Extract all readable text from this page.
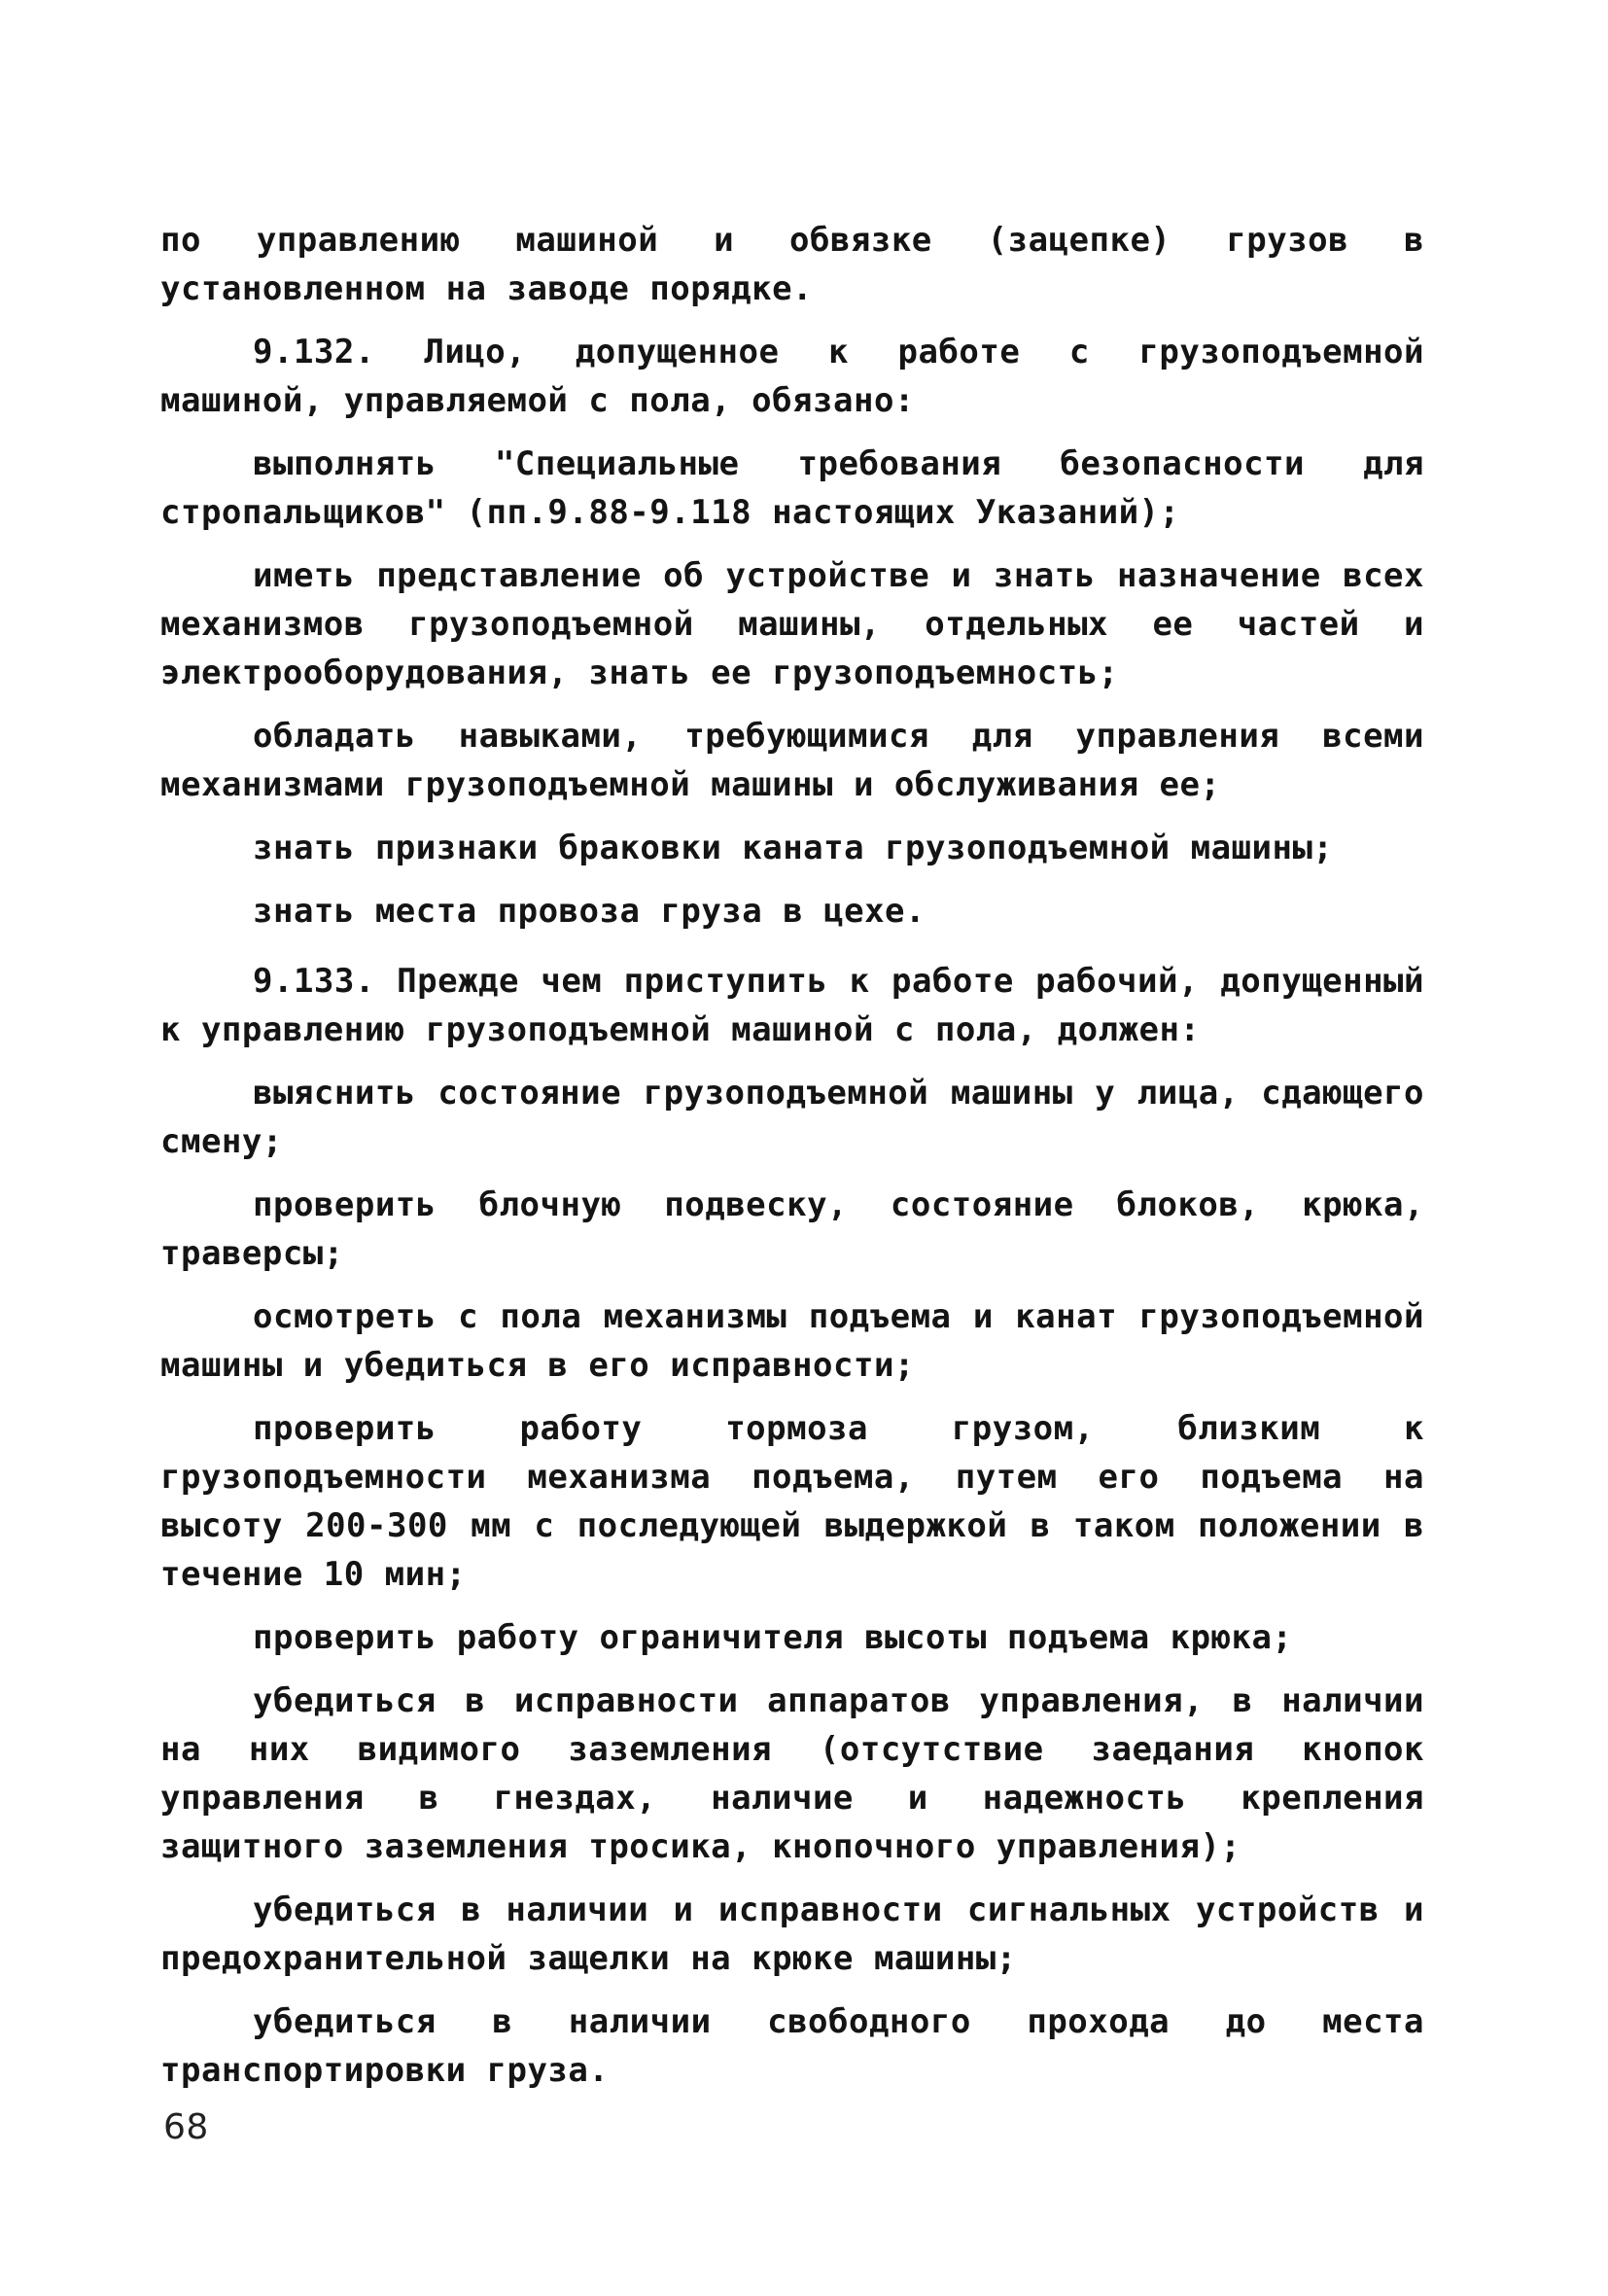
по управлению машиной и обвязке (зацепке) грузов в установленном на заводе порядке.

9.132. Лицо, допущенное к работе с грузоподъемной машиной, управляемой с пола, обязано:

выполнять "Специальные требования безопасности для стропальщиков" (пп.9.88-9.118 настоящих Указаний);

иметь представление об устройстве и знать назначение всех механизмов грузоподъемной машины, отдельных ее частей и электрооборудования, знать ее грузоподъемность;

обладать навыками, требующимися для управления всеми механизмами грузоподъемной машины и обслуживания ее;

знать признаки браковки каната грузоподъемной машины;

знать места провоза груза в цехе.

9.133. Прежде чем приступить к работе рабочий, допущенный к управлению грузоподъемной машиной с пола, должен:

выяснить состояние грузоподъемной машины у лица, сдающего смену;

проверить блочную подвеску, состояние блоков, крюка, траверсы;

осмотреть с пола механизмы подъема и канат грузоподъемной машины и убедиться в его исправности;

проверить работу тормоза грузом, близким к грузоподъемности механизма подъема, путем его подъема на высоту 200-300 мм с последующей выдержкой в таком положении в течение 10 мин;

проверить работу ограничителя высоты подъема крюка;

убедиться в исправности аппаратов управления, в наличии на них видимого заземления (отсутствие заедания кнопок управления в гнездах, наличие и надежность крепления защитного заземления тросика, кнопочного управления);

убедиться в наличии и исправности сигнальных устройств и предохранительной защелки на крюке машины;

убедиться в наличии свободного прохода до места транспортировки груза.

68
